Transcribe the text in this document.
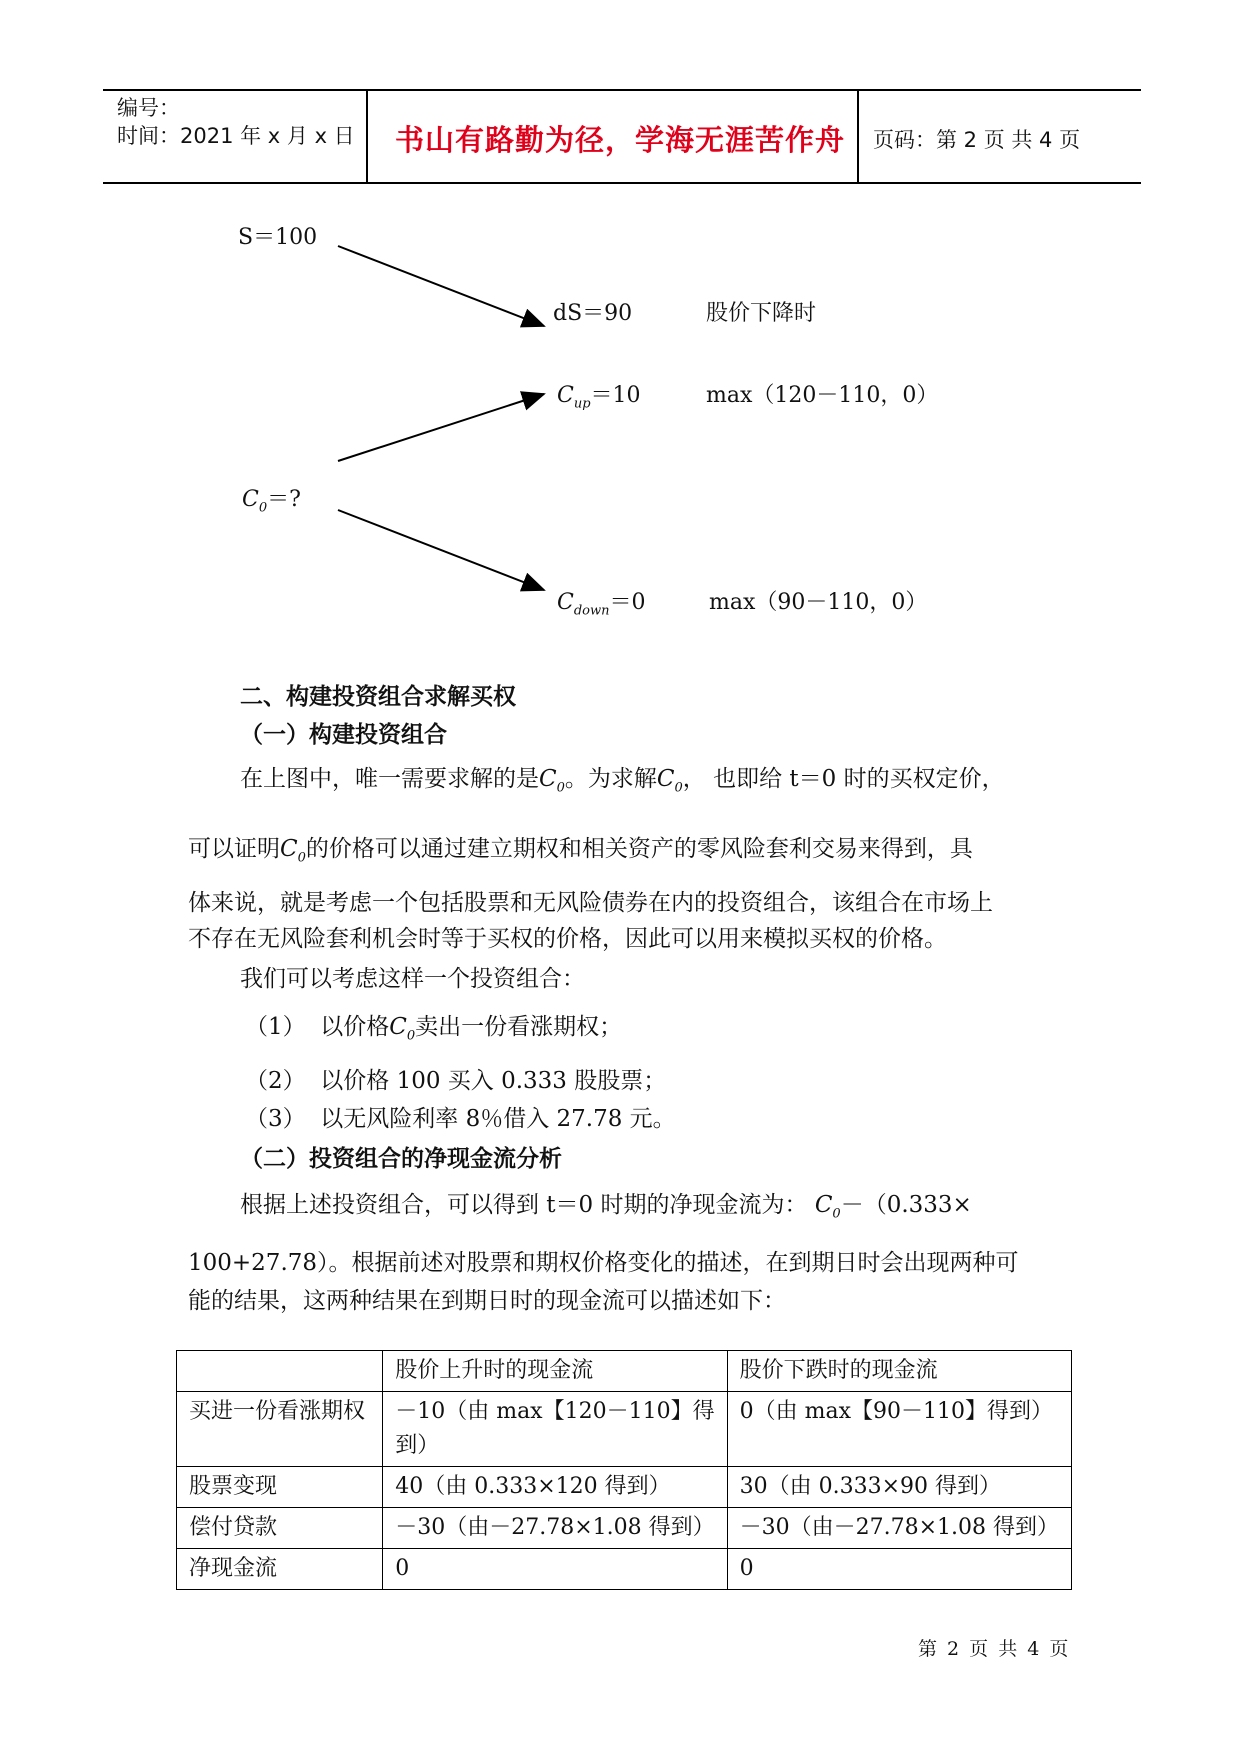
编号：
时间：2021 年 x 月 x 日 书山有路勤为径，学海无涯苦作舟 页码：第 2 页 共 4 页
S＝100
dS＝90	股价下降时
$C_{up}=10$	max（120－110，0）
$C_0=$?
$C_{down}=0$	max（90－110，0）
二、构建投资组合求解买权
（一）构建投资组合
在上图中，唯一需要求解的是$C_0$。为求解$C_0$， 也即给 t＝0 时的买权定价，
可以证明$C_0$的价格可以通过建立期权和相关资产的零风险套利交易来得到，具
体来说，就是考虑一个包括股票和无风险债券在内的投资组合，该组合在市场上
不存在无风险套利机会时等于买权的价格，因此可以用来模拟买权的价格。
我们可以考虑这样一个投资组合：
（1） 以价格$C_0$卖出一份看涨期权；
（2） 以价格 100 买入 0.333 股股票；
（3） 以无风险利率 8％借入 27.78 元。
（二）投资组合的净现金流分析
根据上述投资组合，可以得到 t＝0 时期的净现金流为： $C_0-(0.333\times$
100+27.78）。根据前述对股票和期权价格变化的描述，在到期日时会出现两种可
能的结果，这两种结果在到期日时的现金流可以描述如下：
	股价上升时的现金流	股价下跌时的现金流
买进一份看涨期权	－10（由 max【120－110】得到）	0（由 max【90－110】得到）
股票变现	40（由 0.333×120 得到）	30（由 0.333×90 得到）
偿付贷款	－30（由－27.78×1.08 得到）	－30（由－27.78×1.08 得到）
净现金流	0	0
第 2 页 共 4 页
